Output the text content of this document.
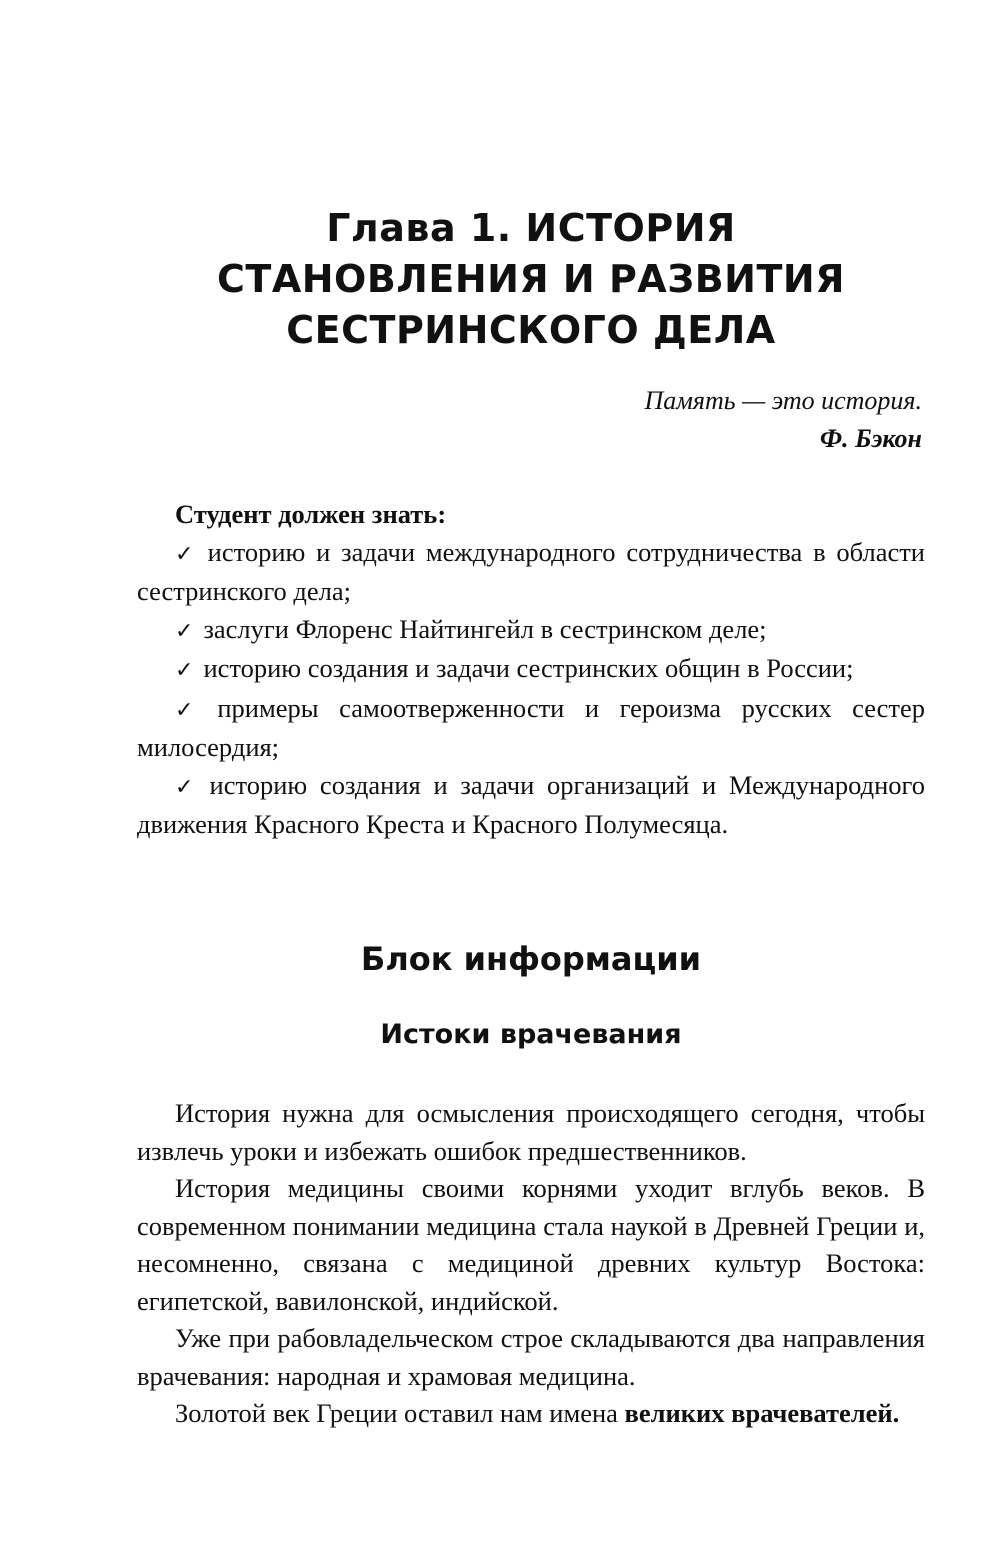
Глава 1. ИСТОРИЯ
СТАНОВЛЕНИЯ И РАЗВИТИЯ
СЕСТРИНСКОГО ДЕЛА
Память — это история.
Ф. Бэкон

Студент должен знать:

✓ историю и задачи международного сотрудничества в области сестринского дела;

✓ заслуги Флоренс Найтингейл в сестринском деле;

✓ историю создания и задачи сестринских общин в России;

✓ примеры самоотверженности и героизма русских сестер милосердия;

✓ историю создания и задачи организаций и Международного движения Красного Креста и Красного Полумесяца.

Блок информации
Истоки врачевания

История нужна для осмысления происходящего сегодня, чтобы извлечь уроки и избежать ошибок предшественников.

История медицины своими корнями уходит вглубь веков. В современном понимании медицина стала наукой в Древней Греции и, несомненно, связана с медициной древних культур Востока: египетской, вавилонской, индийской.

Уже при рабовладельческом строе складываются два направления врачевания: народная и храмовая медицина.

Золотой век Греции оставил нам имена великих врачевателей.
